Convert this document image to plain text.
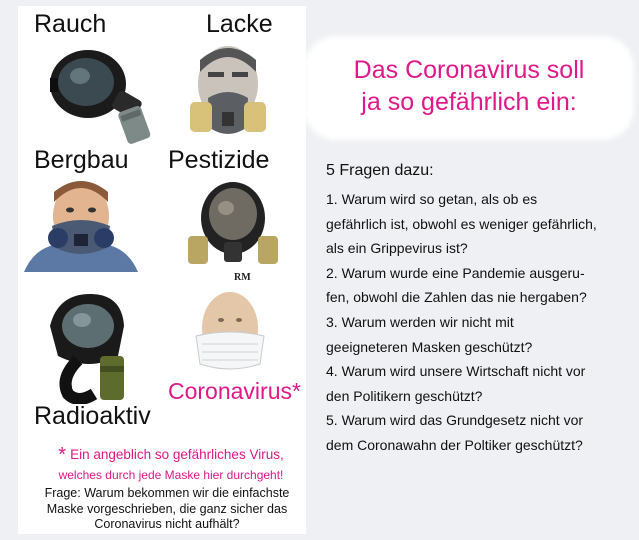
Rauch	Lacke
Bergbau Pestizide
RM
Coronavirus*
Radioaktiv
* Ein angeblich so gefährliches Virus,
welches durch jede Maske hier durchgeht!
Frage: Warum bekommen wir die einfachste
Maske vorgeschrieben, die ganz sicher das
Coronavirus nicht aufhält?
Das Coronavirus soll
ja so gefährlich ein:
5 Fragen dazu:
1. Warum wird so getan, als ob es
gefährlich ist, obwohl es weniger gefährlich,
als ein Grippevirus ist?
2. Warum wurde eine Pandemie ausgeru-
fen, obwohl die Zahlen das nie hergaben?
3. Warum werden wir nicht mit
geeigneteren Masken geschützt?
4. Warum wird unsere Wirtschaft nicht vor
den Politikern geschützt?
5. Warum wird das Grundgesetz nicht vor
dem Coronawahn der Poltiker geschützt?
